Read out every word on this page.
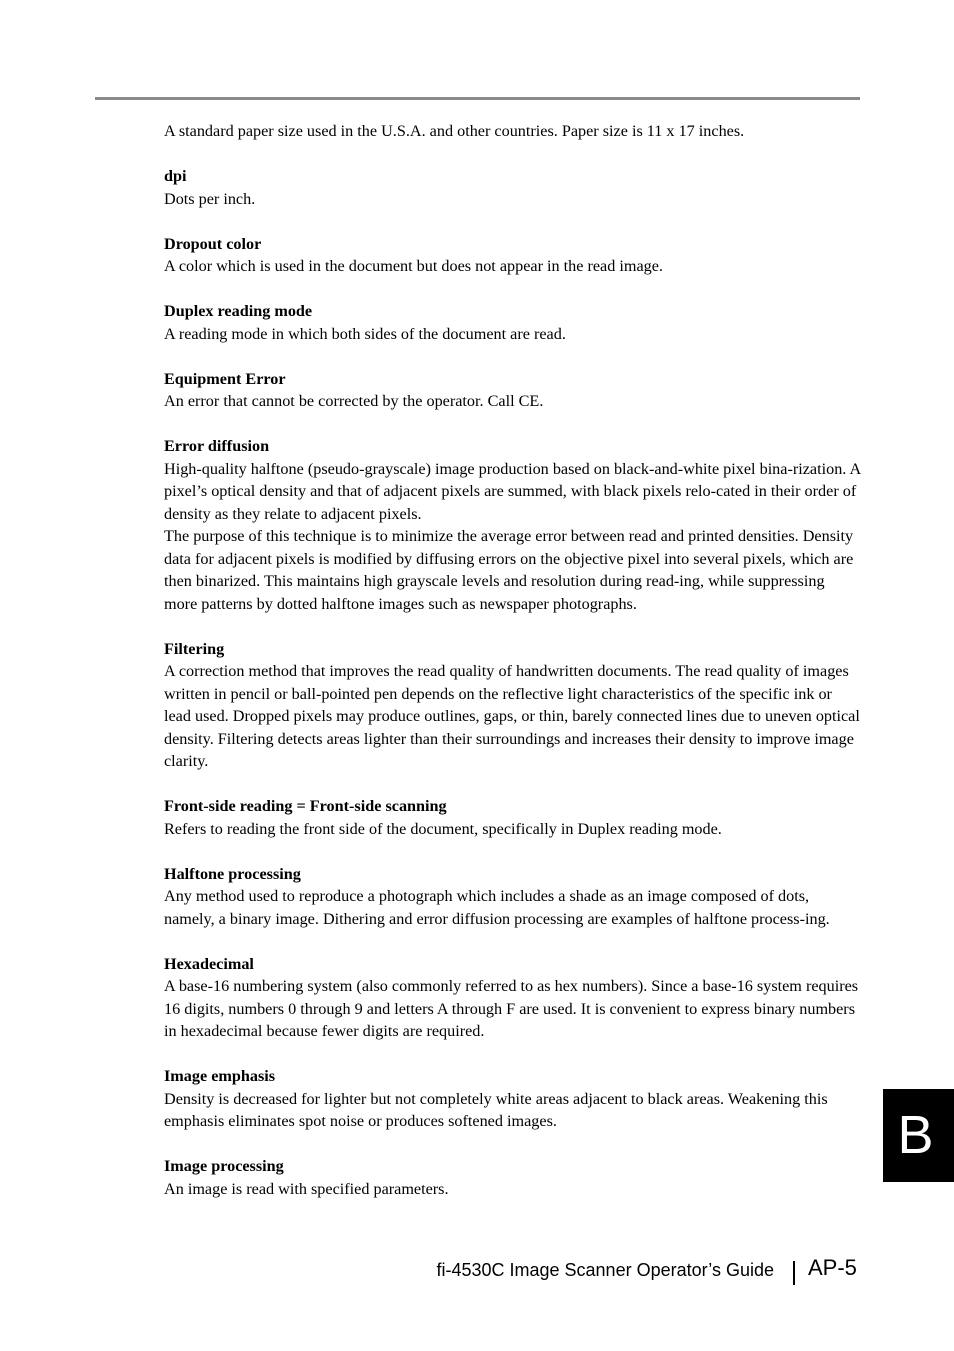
A standard paper size used in the U.S.A. and other countries. Paper size is 11 x 17 inches.

dpi

Dots per inch.

Dropout color

A color which is used in the document but does not appear in the read image.

Duplex reading mode

A reading mode in which both sides of the document are read.

Equipment Error

An error that cannot be corrected by the operator. Call CE.

Error diffusion

High-quality halftone (pseudo-grayscale) image production based on black-and-white pixel bina-rization. A pixel’s optical density and that of adjacent pixels are summed, with black pixels relo-cated in their order of density as they relate to adjacent pixels.

The purpose of this technique is to minimize the average error between read and printed densities. Density data for adjacent pixels is modified by diffusing errors on the objective pixel into several pixels, which are then binarized. This maintains high grayscale levels and resolution during read-ing, while suppressing more patterns by dotted halftone images such as newspaper photographs.

Filtering

A correction method that improves the read quality of handwritten documents. The read quality of images written in pencil or ball-pointed pen depends on the reflective light characteristics of the specific ink or lead used. Dropped pixels may produce outlines, gaps, or thin, barely connected lines due to uneven optical density. Filtering detects areas lighter than their surroundings and increases their density to improve image clarity.

Front-side reading = Front-side scanning

Refers to reading the front side of the document, specifically in Duplex reading mode.

Halftone processing

Any method used to reproduce a photograph which includes a shade as an image composed of dots, namely, a binary image. Dithering and error diffusion processing are examples of halftone process-ing.

Hexadecimal

A base-16 numbering system (also commonly referred to as hex numbers). Since a base-16 system requires 16 digits, numbers 0 through 9 and letters A through F are used. It is convenient to express binary numbers in hexadecimal because fewer digits are required.

Image emphasis

Density is decreased for lighter but not completely white areas adjacent to black areas. Weakening this emphasis eliminates spot noise or produces softened images.

Image processing

An image is read with specified parameters.

fi-4530C Image Scanner Operator’s Guide AP-5
B
